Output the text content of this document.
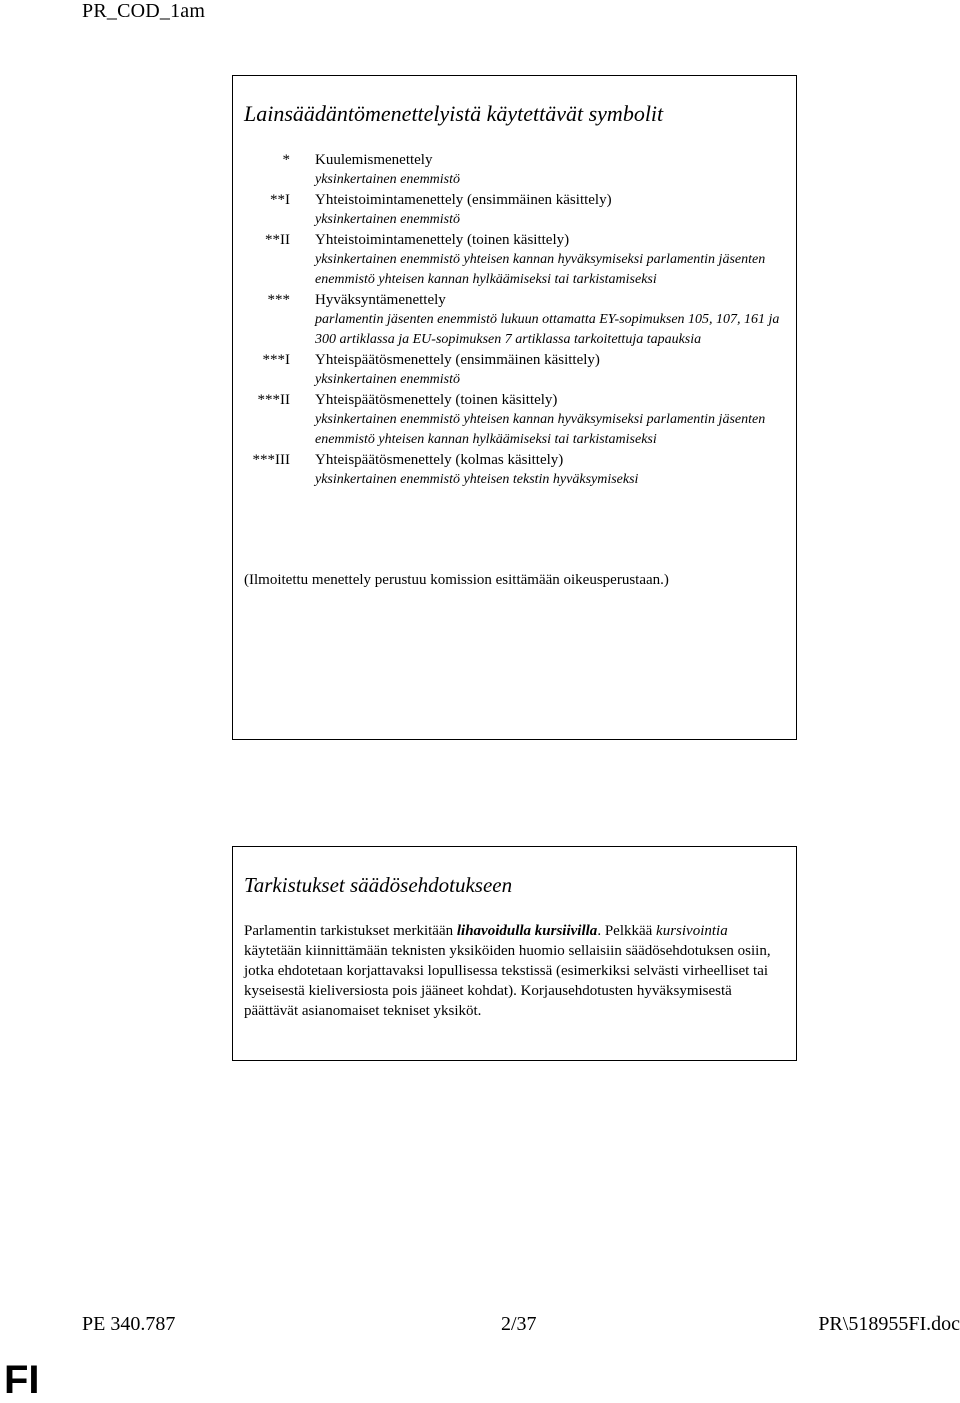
PR_COD_1am
Lainsäädäntömenettelyistä käytettävät symbolit
* Kuulemismenettely
yksinkertainen enemmistö
**I Yhteistoimintamenettely (ensimmäinen käsittely)
yksinkertainen enemmistö
**II Yhteistoimintamenettely (toinen käsittely)
yksinkertainen enemmistö yhteisen kannan hyväksymiseksi parlamentin jäsenten enemmistö yhteisen kannan hylkäämiseksi tai tarkistamiseksi
*** Hyväksyntämenettely
parlamentin jäsenten enemmistö lukuun ottamatta EY-sopimuksen 105, 107, 161 ja 300 artiklassa ja EU-sopimuksen 7 artiklassa tarkoitettuja tapauksia
***I Yhteispäätösmenettely (ensimmäinen käsittely)
yksinkertainen enemmistö
***II Yhteispäätösmenettely (toinen käsittely)
yksinkertainen enemmistö yhteisen kannan hyväksymiseksi parlamentin jäsenten enemmistö yhteisen kannan hylkäämiseksi tai tarkistamiseksi
***III Yhteispäätösmenettely (kolmas käsittely)
yksinkertainen enemmistö yhteisen tekstin hyväksymiseksi
(Ilmoitettu menettely perustuu komission esittämään oikeusperustaan.)
Tarkistukset säädösehdotukseen
Parlamentin tarkistukset merkitään lihavoidulla kursiivilla. Pelkkää kursivointia käytetään kiinnittämään teknisten yksiköiden huomio sellaisiin säädösehdotuksen osiin, jotka ehdotetaan korjattavaksi lopullisessa tekstissä (esimerkiksi selvästi virheelliset tai kyseisestä kieliversiosta pois jääneet kohdat). Korjausehdotusten hyväksymisestä päättävät asianomaiset tekniset yksiköt.
PE 340.787	2/37	PR\518955FI.doc
FI
